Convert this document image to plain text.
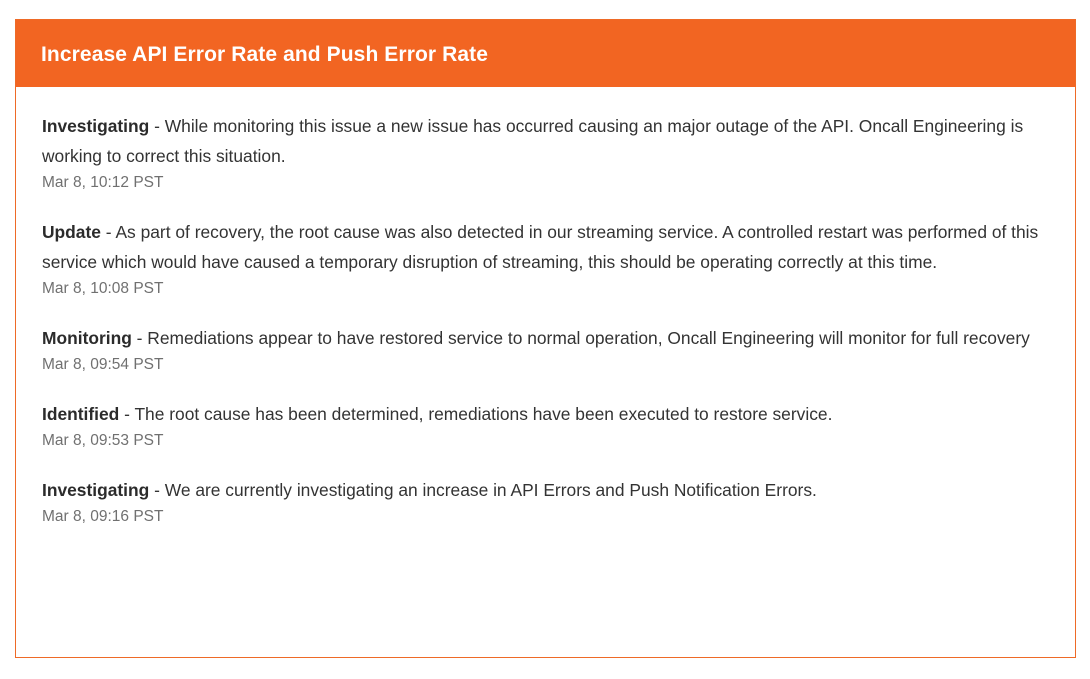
Increase API Error Rate and Push Error Rate

Investigating - While monitoring this issue a new issue has occurred causing an major outage of the API. Oncall Engineering is working to correct this situation.

Mar 8, 10:12 PST

Update - As part of recovery, the root cause was also detected in our streaming service. A controlled restart was performed of this service which would have caused a temporary disruption of streaming, this should be operating correctly at this time.

Mar 8, 10:08 PST

Monitoring - Remediations appear to have restored service to normal operation, Oncall Engineering will monitor for full recovery

Mar 8, 09:54 PST

Identified - The root cause has been determined, remediations have been executed to restore service.

Mar 8, 09:53 PST

Investigating - We are currently investigating an increase in API Errors and Push Notification Errors.

Mar 8, 09:16 PST
